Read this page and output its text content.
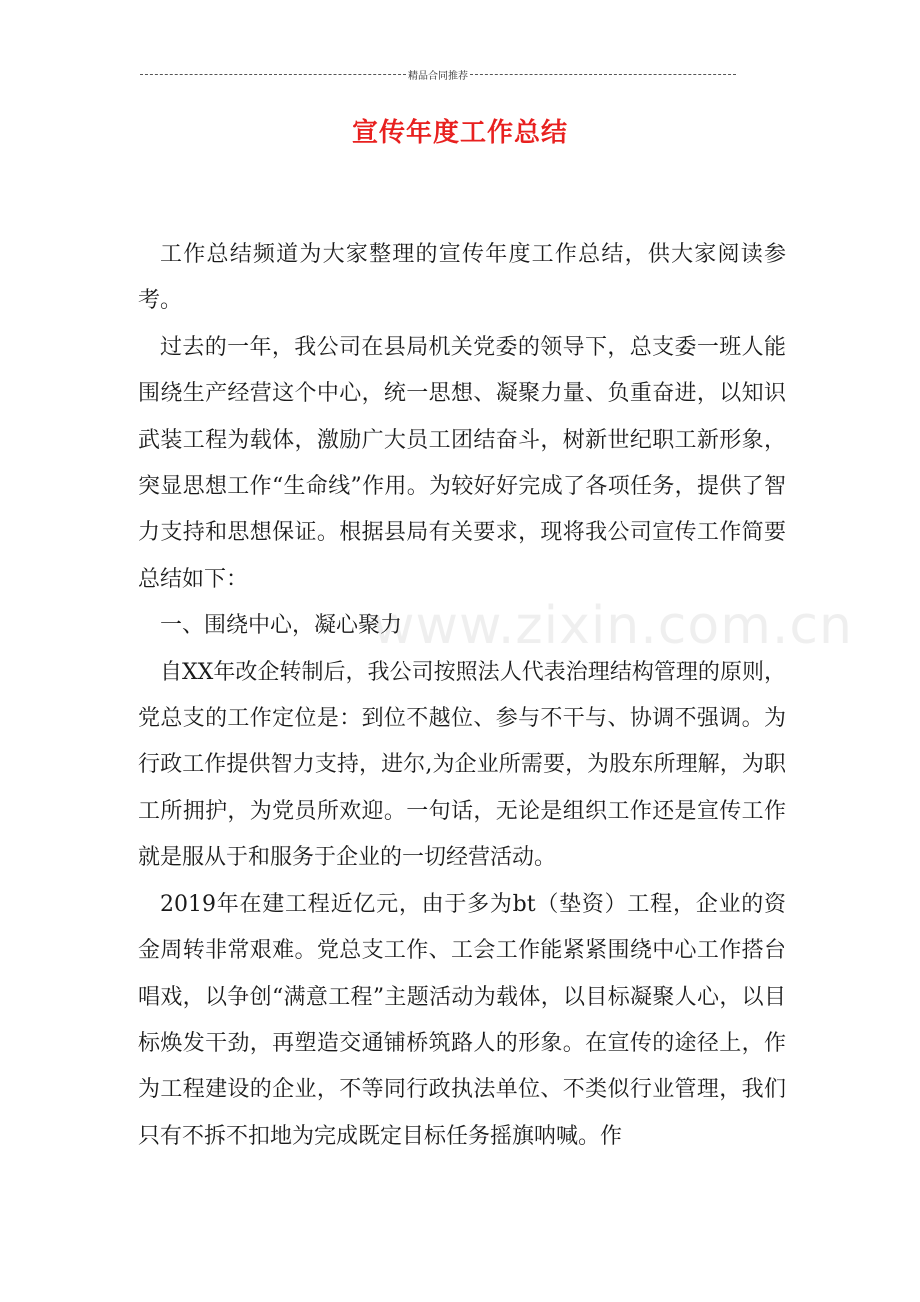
精品合同推荐
宣传年度工作总结
www.zixin.com.cn

工作总结频道为大家整理的宣传年度工作总结，供大家阅读参考。

过去的一年，我公司在县局机关党委的领导下，总支委一班人能围绕生产经营这个中心，统一思想、凝聚力量、负重奋进，以知识武装工程为载体，激励广大员工团结奋斗，树新世纪职工新形象，突显思想工作“生命线”作用。为较好好完成了各项任务，提供了智力支持和思想保证。根据县局有关要求，现将我公司宣传工作简要总结如下：

一、围绕中心，凝心聚力

自XX年改企转制后，我公司按照法人代表治理结构管理的原则，党总支的工作定位是：到位不越位、参与不干与、协调不强调。为行政工作提供智力支持，进尔,为企业所需要，为股东所理解，为职工所拥护，为党员所欢迎。一句话，无论是组织工作还是宣传工作就是服从于和服务于企业的一切经营活动。

2019年在建工程近亿元，由于多为bt（垫资）工程，企业的资金周转非常艰难。党总支工作、工会工作能紧紧围绕中心工作搭台唱戏，以争创“满意工程”主题活动为载体，以目标凝聚人心，以目标焕发干劲，再塑造交通铺桥筑路人的形象。在宣传的途径上，作为工程建设的企业，不等同行政执法单位、不类似行业管理，我们只有不拆不扣地为完成既定目标任务摇旗呐喊。作
